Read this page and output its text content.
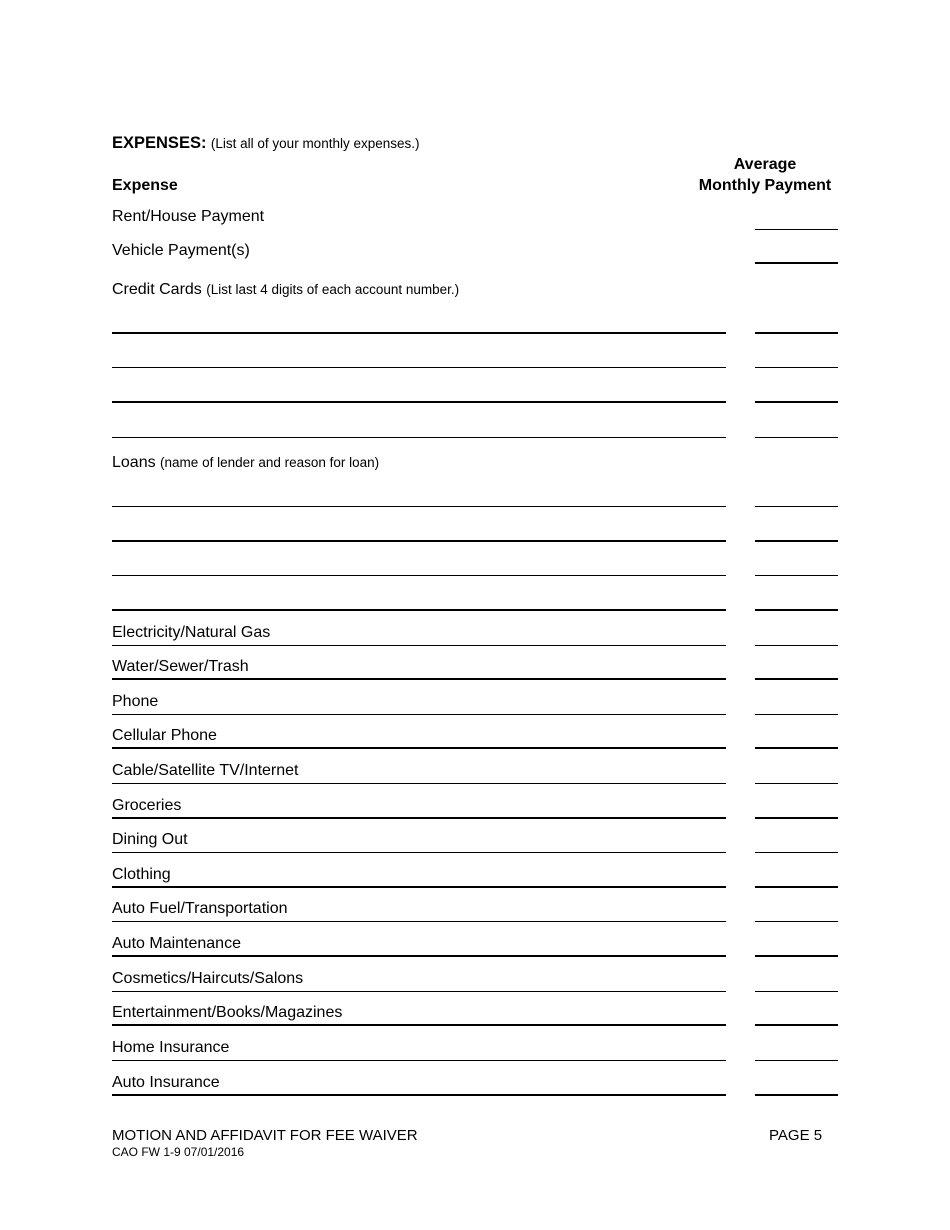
EXPENSES: (List all of your monthly expenses.)
Expense
Average
Monthly Payment
Rent/House Payment
Vehicle Payment(s)
Credit Cards (List last 4 digits of each account number.)
Loans (name of lender and reason for loan)
Electricity/Natural Gas
Water/Sewer/Trash
Phone
Cellular Phone
Cable/Satellite TV/Internet
Groceries
Dining Out
Clothing
Auto Fuel/Transportation
Auto Maintenance
Cosmetics/Haircuts/Salons
Entertainment/Books/Magazines
Home Insurance
Auto Insurance
MOTION AND AFFIDAVIT FOR FEE WAIVER
CAO FW 1-9 07/01/2016
PAGE 5
